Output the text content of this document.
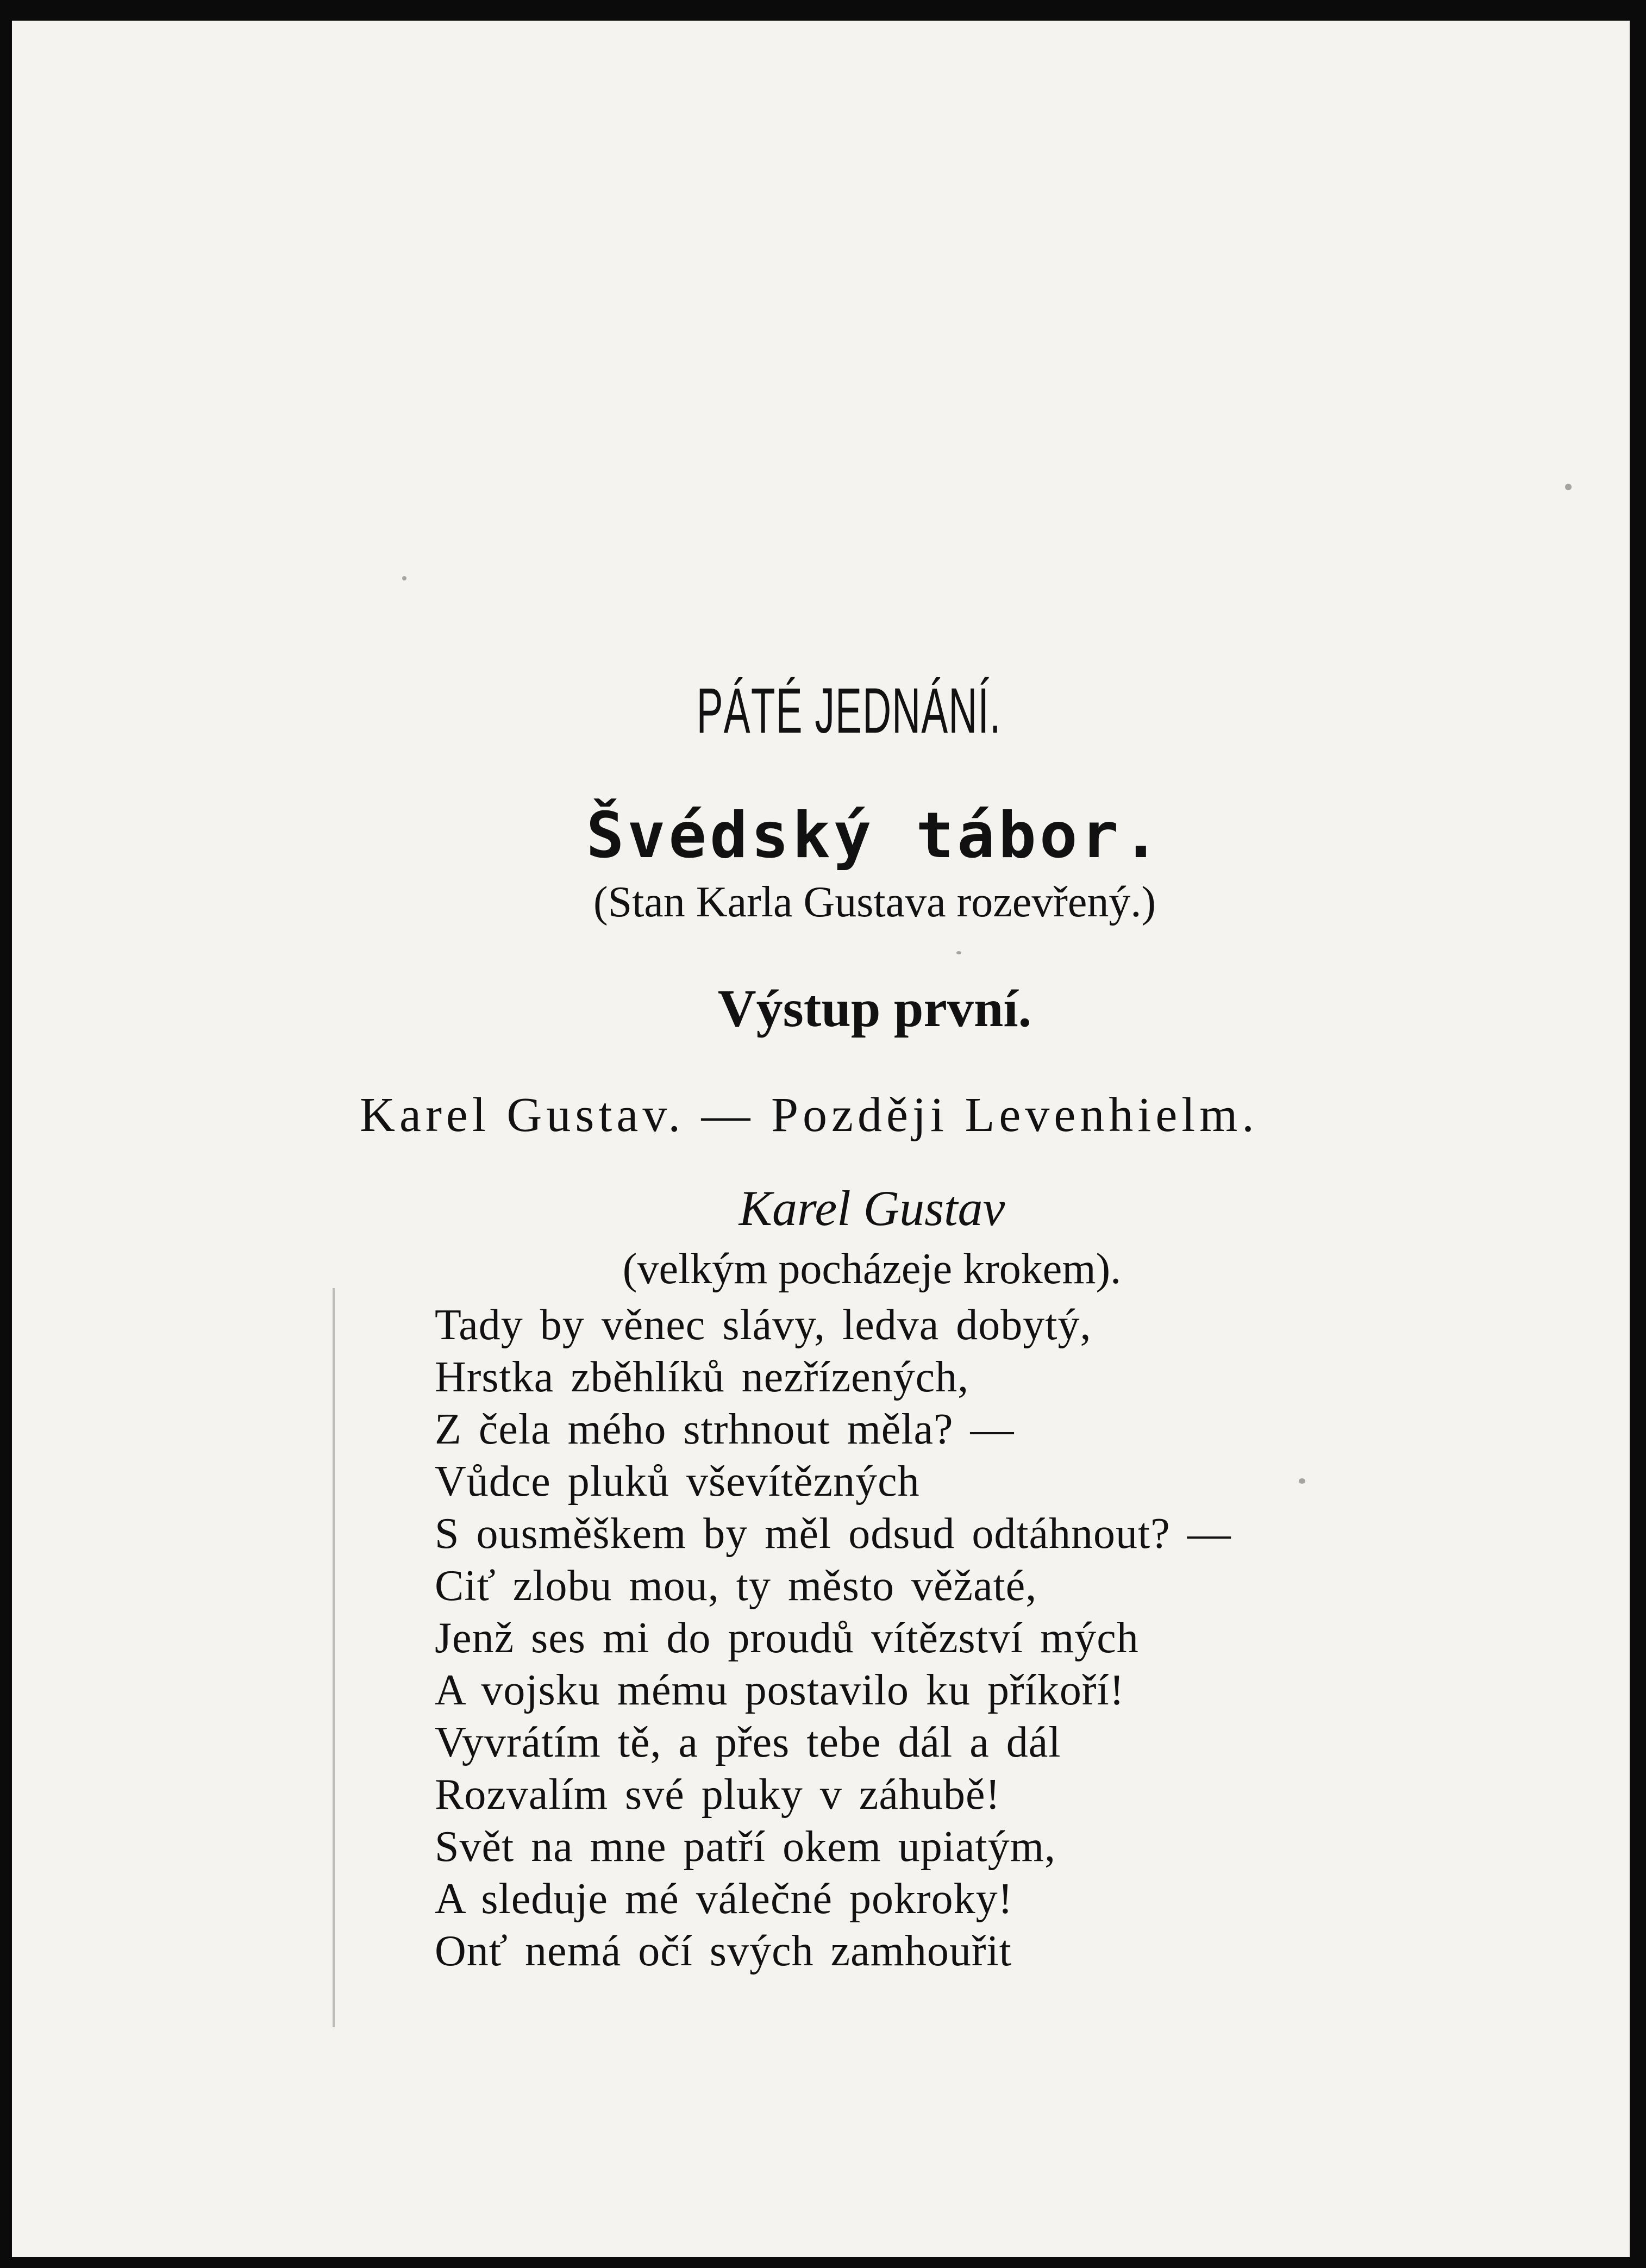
PÁTÉ JEDNÁNÍ.
Švédský tábor.
(Stan Karla Gustava rozevřený.)
Výstup první.
Karel Gustav. — Později Levenhielm.
Karel Gustav
(velkým pocházeje krokem).
Tady by věnec slávy, ledva dobytý,
Hrstka zběhlíků nezřízených,
Z čela mého strhnout měla? —
Vůdce pluků vševítězných
S ousměškem by měl odsud odtáhnout? —
Ciť zlobu mou, ty město věžaté,
Jenž ses mi do proudů vítězství mých
A vojsku mému postavilo ku příkoří!
Vyvrátím tě, a přes tebe dál a dál
Rozvalím své pluky v záhubě!
Svět na mne patří okem upiatým,
A sleduje mé válečné pokroky!
Onť nemá očí svých zamhouřit
